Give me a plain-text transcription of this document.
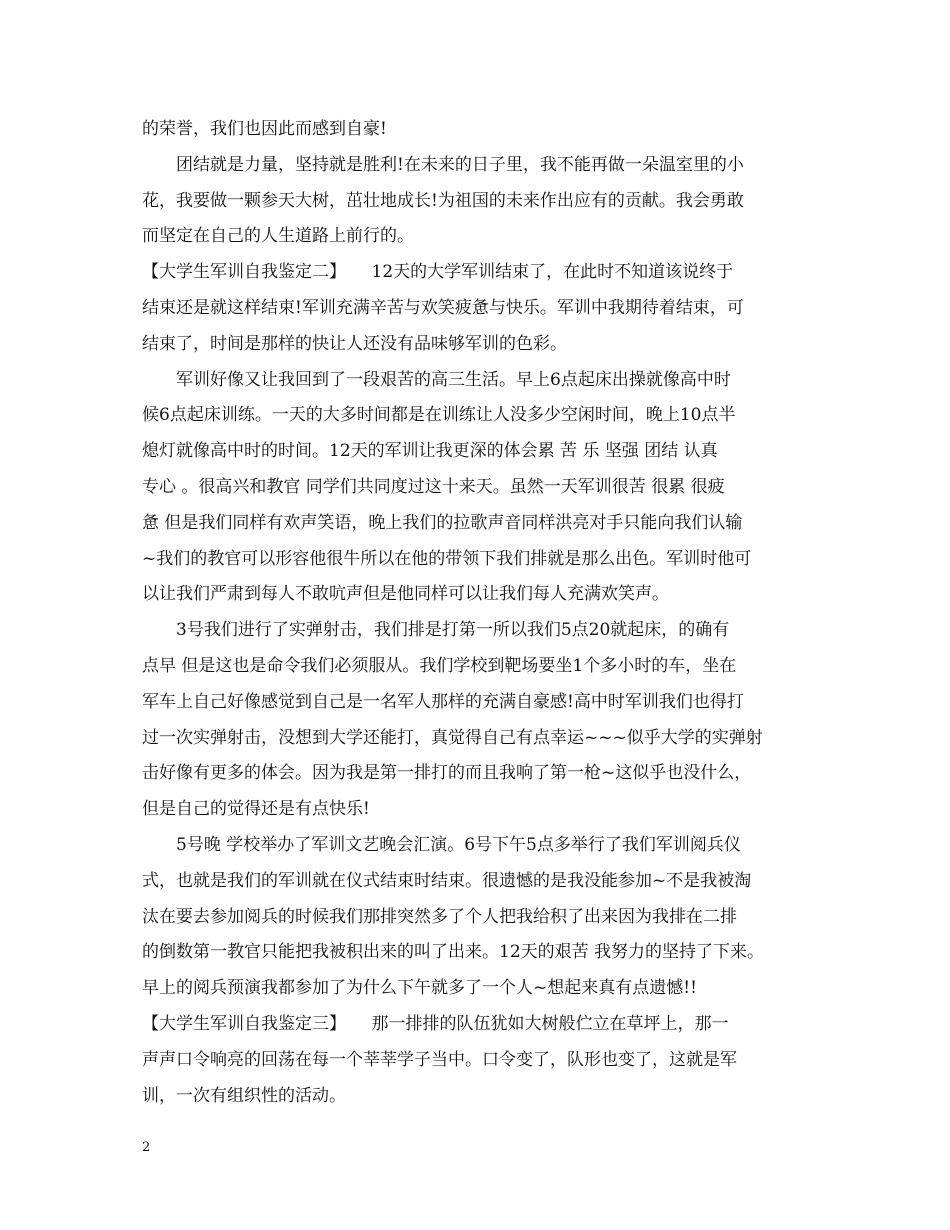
的荣誉，我们也因此而感到自豪!
团结就是力量，坚持就是胜利!在未来的日子里，我不能再做一朵温室里的小
花，我要做一颗参天大树，茁壮地成长!为祖国的未来作出应有的贡献。我会勇敢
而坚定在自己的人生道路上前行的。
【大学生军训自我鉴定二】　　12天的大学军训结束了，在此时不知道该说终于
结束还是就这样结束!军训充满辛苦与欢笑疲惫与快乐。军训中我期待着结束，可
结束了，时间是那样的快让人还没有品味够军训的色彩。
军训好像又让我回到了一段艰苦的高三生活。早上6点起床出操就像高中时
候6点起床训练。一天的大多时间都是在训练让人没多少空闲时间，晚上10点半
熄灯就像高中时的时间。12天的军训让我更深的体会累 苦 乐 坚强 团结 认真
专心 。很高兴和教官 同学们共同度过这十来天。虽然一天军训很苦 很累 很疲
惫 但是我们同样有欢声笑语，晚上我们的拉歌声音同样洪亮对手只能向我们认输
~我们的教官可以形容他很牛所以在他的带领下我们排就是那么出色。军训时他可
以让我们严肃到每人不敢吭声但是他同样可以让我们每人充满欢笑声。
3号我们进行了实弹射击，我们排是打第一所以我们5点20就起床，的确有
点早 但是这也是命令我们必须服从。我们学校到靶场要坐1个多小时的车，坐在
军车上自己好像感觉到自己是一名军人那样的充满自豪感!高中时军训我们也得打
过一次实弹射击，没想到大学还能打，真觉得自己有点幸运~~~似乎大学的实弹射
击好像有更多的体会。因为我是第一排打的而且我响了第一枪~这似乎也没什么，
但是自己的觉得还是有点快乐!
5号晚 学校举办了军训文艺晚会汇演。6号下午5点多举行了我们军训阅兵仪
式，也就是我们的军训就在仪式结束时结束。很遗憾的是我没能参加~不是我被淘
汰在要去参加阅兵的时候我们那排突然多了个人把我给积了出来因为我排在二排
的倒数第一教官只能把我被积出来的叫了出来。12天的艰苦 我努力的坚持了下来。
早上的阅兵预演我都参加了为什么下午就多了一个人~想起来真有点遗憾!!
【大学生军训自我鉴定三】　　那一排排的队伍犹如大树般伫立在草坪上，那一
声声口令响亮的回荡在每一个莘莘学子当中。口令变了，队形也变了，这就是军
训，一次有组织性的活动。
2
